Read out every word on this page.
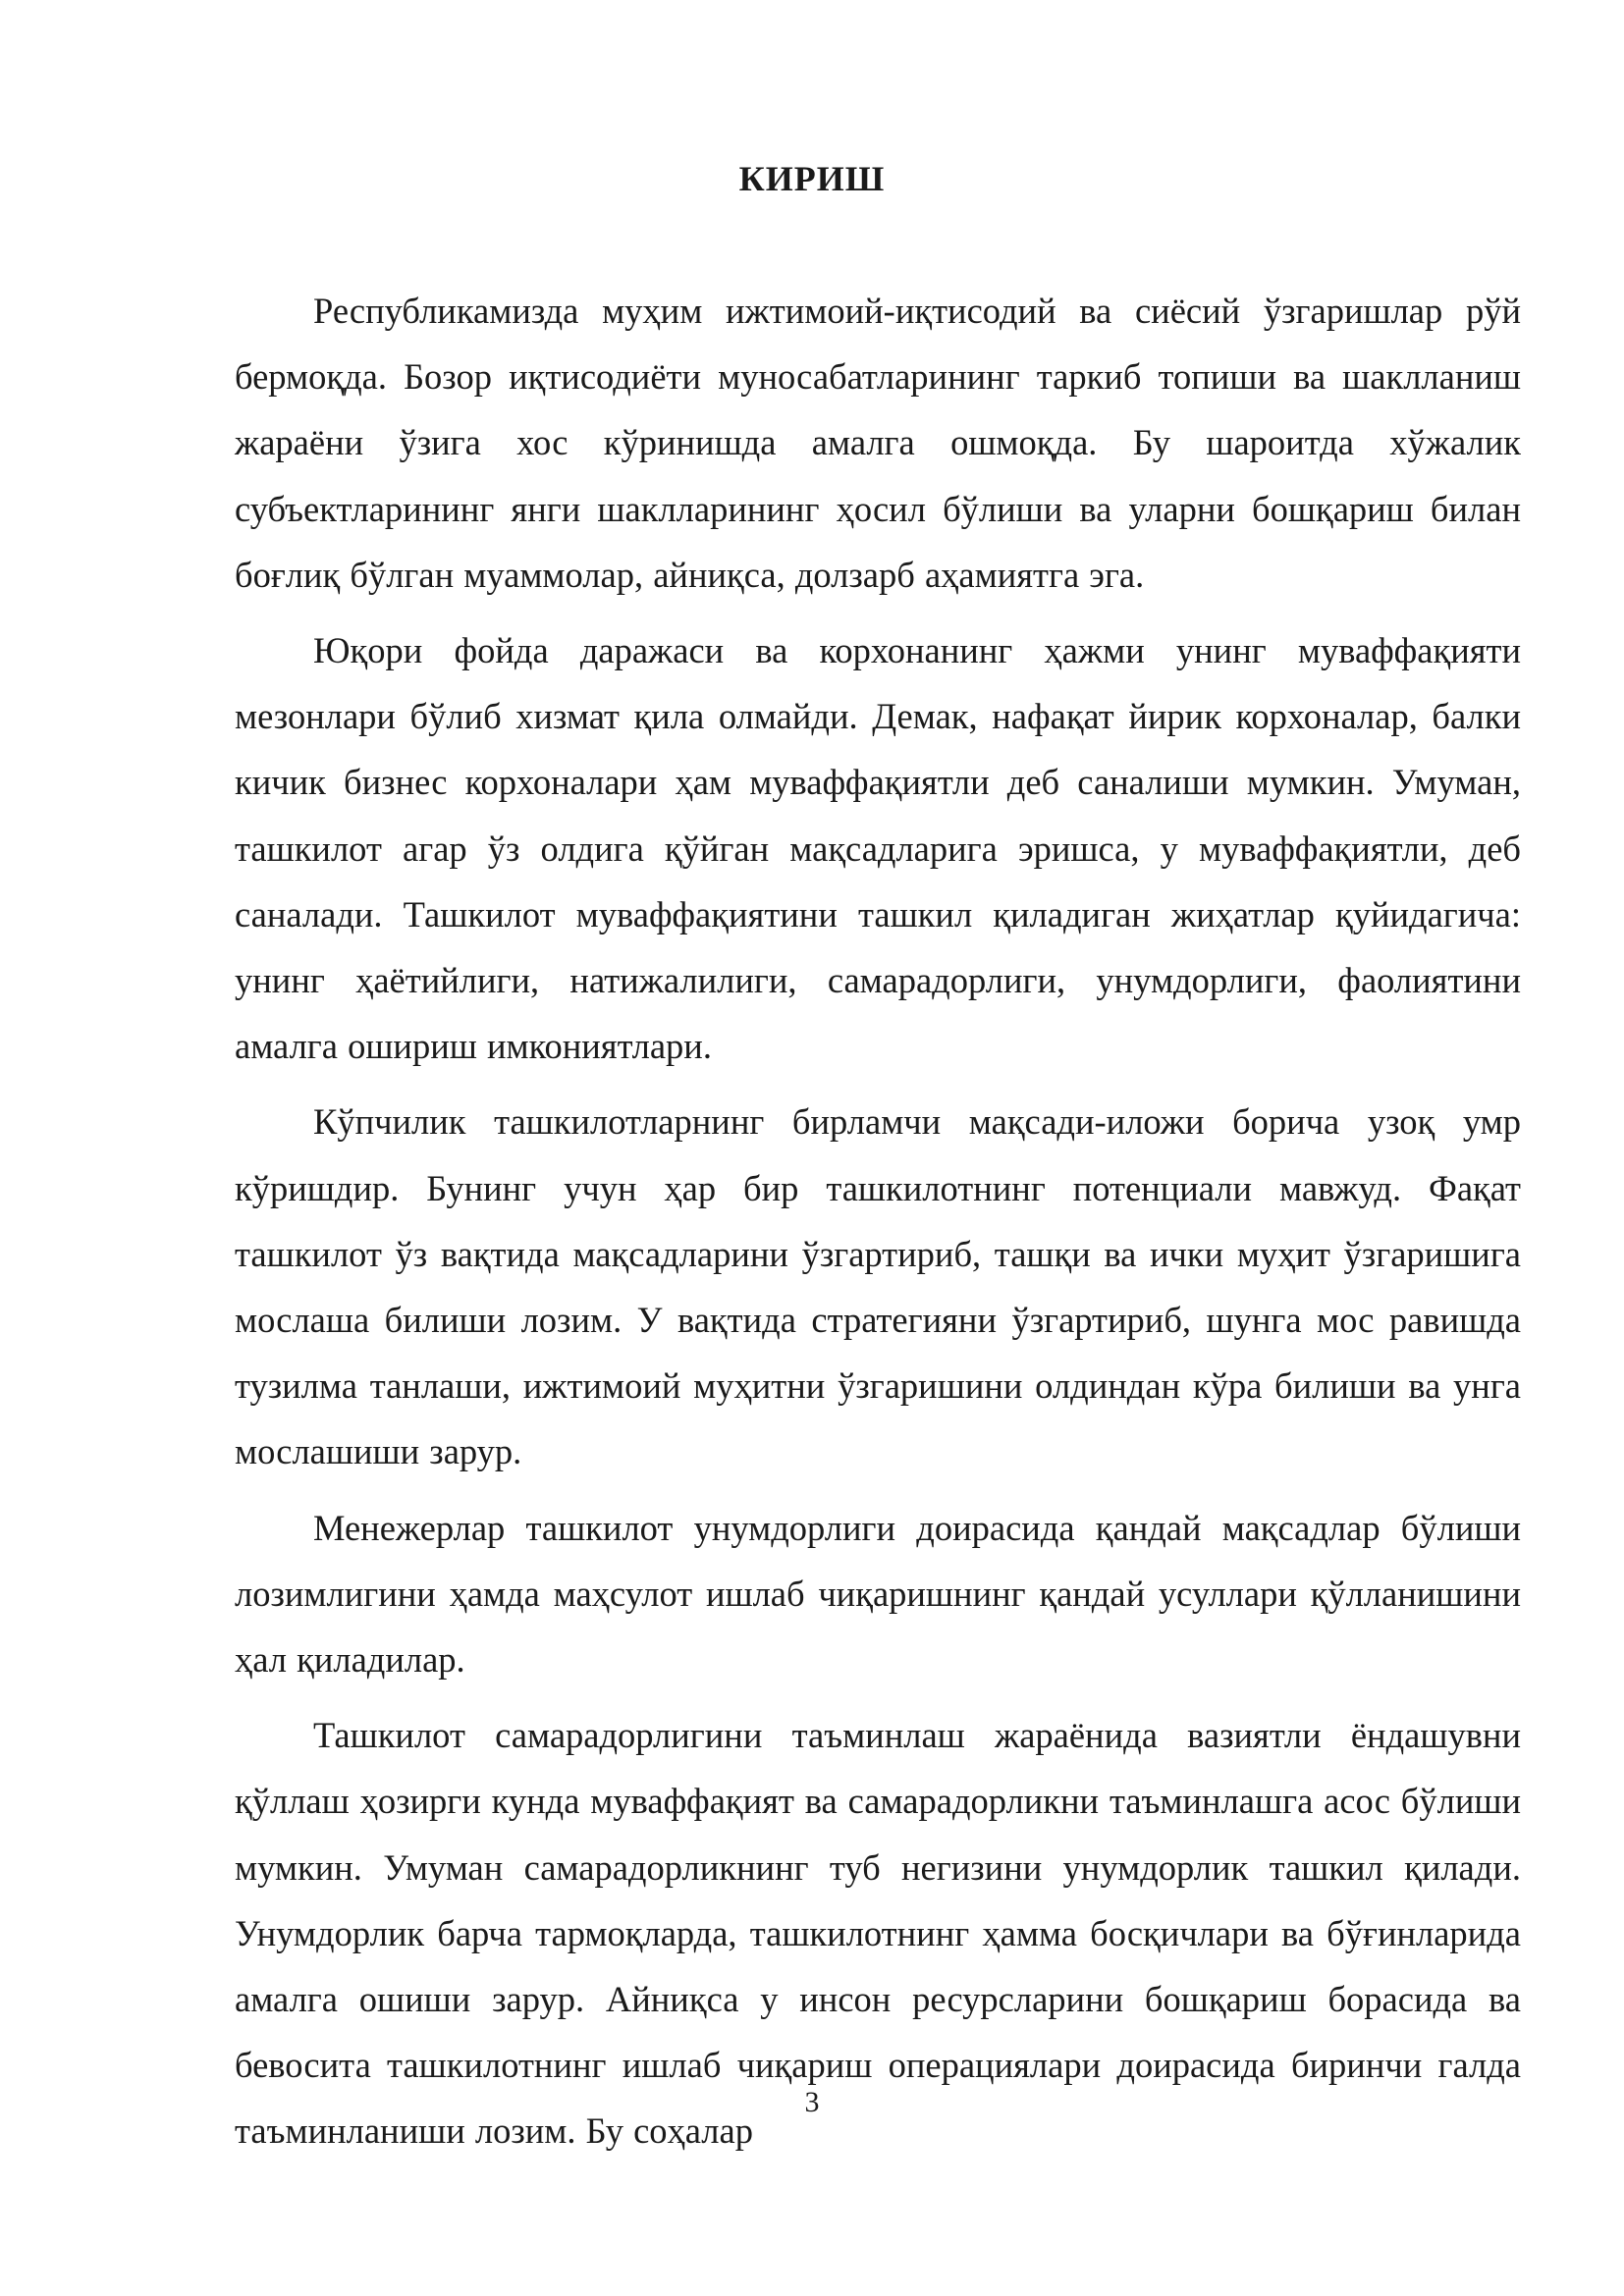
КИРИШ

Республикамизда муҳим ижтимоий-иқтисодий ва сиёсий ўзгаришлар рўй бермоқда. Бозор иқтисодиёти муносабатларининг таркиб топиши ва шаклланиш жараёни ўзига хос кўринишда амалга ошмоқда. Бу шароитда хўжалик субъектларининг янги шаклларининг ҳосил бўлиши ва уларни бошқариш билан боғлиқ бўлган муаммолар, айниқса, долзарб аҳамиятга эга.

Юқори фойда даражаси ва корхонанинг ҳажми унинг муваффақияти мезонлари бўлиб хизмат қила олмайди. Демак, нафақат йирик корхоналар, балки кичик бизнес корхоналари ҳам муваффақиятли деб саналиши мумкин. Умуман, ташкилот агар ўз олдига қўйган мақсадларига эришса, у муваффақиятли, деб саналади. Ташкилот муваффақиятини ташкил қиладиган жиҳатлар қуйидагича: унинг ҳаётийлиги, натижалилиги, самарадорлиги, унумдорлиги, фаолиятини амалга ошириш имкониятлари.

Кўпчилик ташкилотларнинг бирламчи мақсади-иложи борича узоқ умр кўришдир. Бунинг учун ҳар бир ташкилотнинг потенциали мавжуд. Фақат ташкилот ўз вақтида мақсадларини ўзгартириб, ташқи ва ички муҳит ўзгаришига мослаша билиши лозим. У вақтида стратегияни ўзгартириб, шунга мос равишда тузилма танлаши, ижтимоий муҳитни ўзгаришини олдиндан кўра билиши ва унга мослашиши зарур.

Менежерлар ташкилот унумдорлиги доирасида қандай мақсадлар бўлиши лозимлигини ҳамда маҳсулот ишлаб чиқаришнинг қандай усуллари қўлланишини ҳал қиладилар.

Ташкилот самарадорлигини таъминлаш жараёнида вазиятли ёндашувни қўллаш ҳозирги кунда муваффақият ва самарадорликни таъминлашга асос бўлиши мумкин. Умуман самарадорликнинг туб негизини унумдорлик ташкил қилади. Унумдорлик барча тармоқларда, ташкилотнинг ҳамма босқичлари ва бўғинларида амалга ошиши зарур. Айниқса у инсон ресурсларини бошқариш борасида ва бевосита ташкилотнинг ишлаб чиқариш операциялари доирасида биринчи галда таъминланиши лозим. Бу соҳалар

3
